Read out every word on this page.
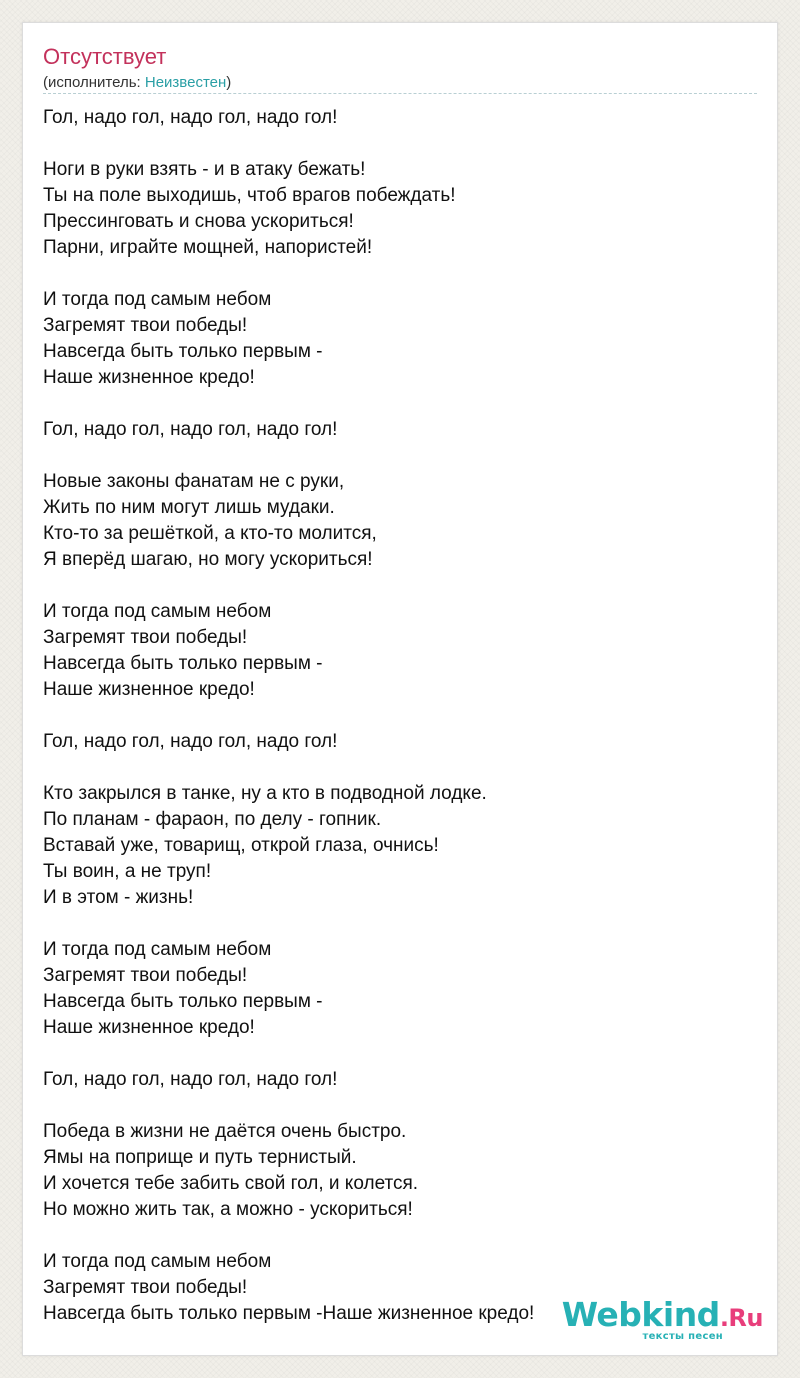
Отсутствует
(исполнитель: Неизвестен)
Гол, надо гол, надо гол, надо гол!
Ноги в руки взять - и в атаку бежать!
Ты на поле выходишь, чтоб врагов побеждать!
Прессинговать и снова ускориться!
Парни, играйте мощней, напористей!
И тогда под самым небом
Загремят твои победы!
Навсегда быть только первым -
Наше жизненное кредо!
Гол, надо гол, надо гол, надо гол!
Новые законы фанатам не с руки,
Жить по ним могут лишь мудаки.
Кто-то за решёткой, а кто-то молится,
Я вперёд шагаю, но могу ускориться!
И тогда под самым небом
Загремят твои победы!
Навсегда быть только первым -
Наше жизненное кредо!
Гол, надо гол, надо гол, надо гол!
Кто закрылся в танке, ну а кто в подводной лодке.
По планам - фараон, по делу - гопник.
Вставай уже, товарищ, открой глаза, очнись!
Ты воин, а не труп!
И в этом - жизнь!
И тогда под самым небом
Загремят твои победы!
Навсегда быть только первым -
Наше жизненное кредо!
Гол, надо гол, надо гол, надо гол!
Победа в жизни не даётся очень быстро.
Ямы на поприще и путь тернистый.
И хочется тебе забить свой гол, и колется.
Но можно жить так, а можно - ускориться!
И тогда под самым небом
Загремят твои победы!
Навсегда быть только первым -Наше жизненное кредо! Webkind.Ru
тексты песен
